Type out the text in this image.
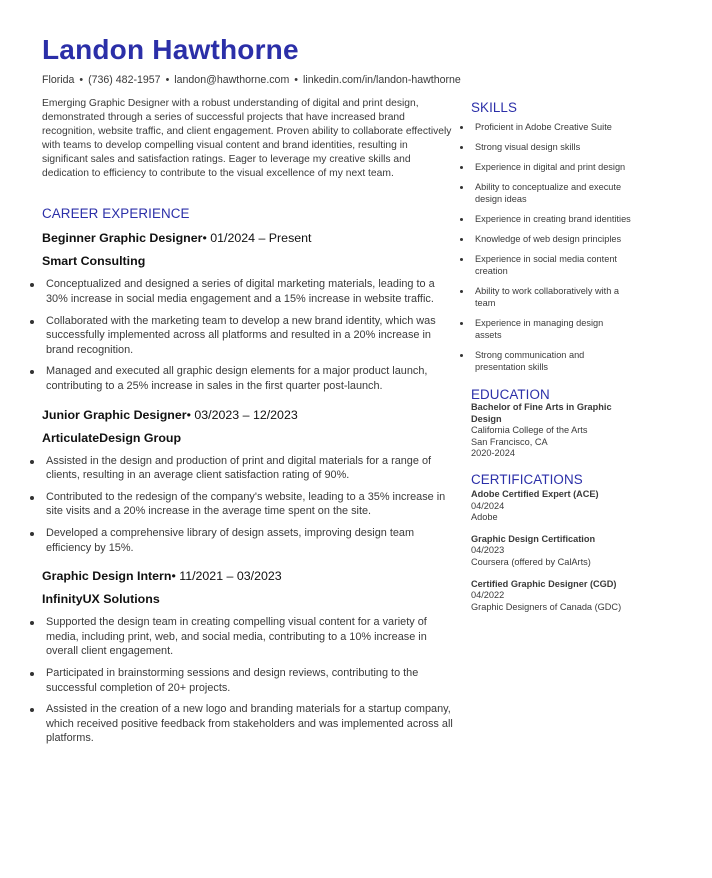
Landon Hawthorne
Florida • (736) 482-1957 • landon@hawthorne.com • linkedin.com/in/landon-hawthorne

Emerging Graphic Designer with a robust understanding of digital and print design, demonstrated through a series of successful projects that have increased brand recognition, website traffic, and client engagement. Proven ability to collaborate effectively with teams to develop compelling visual content and brand identities, resulting in significant sales and satisfaction ratings. Eager to leverage my creative skills and dedication to efficiency to contribute to the visual excellence of my next team.

CAREER EXPERIENCE
Beginner Graphic Designer• 01/2024 – Present
Smart Consulting
Conceptualized and designed a series of digital marketing materials, leading to a 30% increase in social media engagement and a 15% increase in website traffic.
Collaborated with the marketing team to develop a new brand identity, which was successfully implemented across all platforms and resulted in a 20% increase in brand recognition.
Managed and executed all graphic design elements for a major product launch, contributing to a 25% increase in sales in the first quarter post-launch.
Junior Graphic Designer• 03/2023 – 12/2023
ArticulateDesign Group
Assisted in the design and production of print and digital materials for a range of clients, resulting in an average client satisfaction rating of 90%.
Contributed to the redesign of the company's website, leading to a 35% increase in site visits and a 20% increase in the average time spent on the site.
Developed a comprehensive library of design assets, improving design team efficiency by 15%.
Graphic Design Intern• 11/2021 – 03/2023
InfinityUX Solutions
Supported the design team in creating compelling visual content for a variety of media, including print, web, and social media, contributing to a 10% increase in overall client engagement.
Participated in brainstorming sessions and design reviews, contributing to the successful completion of 20+ projects.
Assisted in the creation of a new logo and branding materials for a startup company, which received positive feedback from stakeholders and was implemented across all platforms.
SKILLS
Proficient in Adobe Creative Suite
Strong visual design skills
Experience in digital and print design
Ability to conceptualize and execute design ideas
Experience in creating brand identities
Knowledge of web design principles
Experience in social media content creation
Ability to work collaboratively with a team
Experience in managing design assets
Strong communication and presentation skills
EDUCATION
Bachelor of Fine Arts in Graphic Design
California College of the Arts
San Francisco, CA
2020-2024
CERTIFICATIONS
Adobe Certified Expert (ACE)
04/2024
Adobe
Graphic Design Certification
04/2023
Coursera (offered by CalArts)
Certified Graphic Designer (CGD)
04/2022
Graphic Designers of Canada (GDC)
